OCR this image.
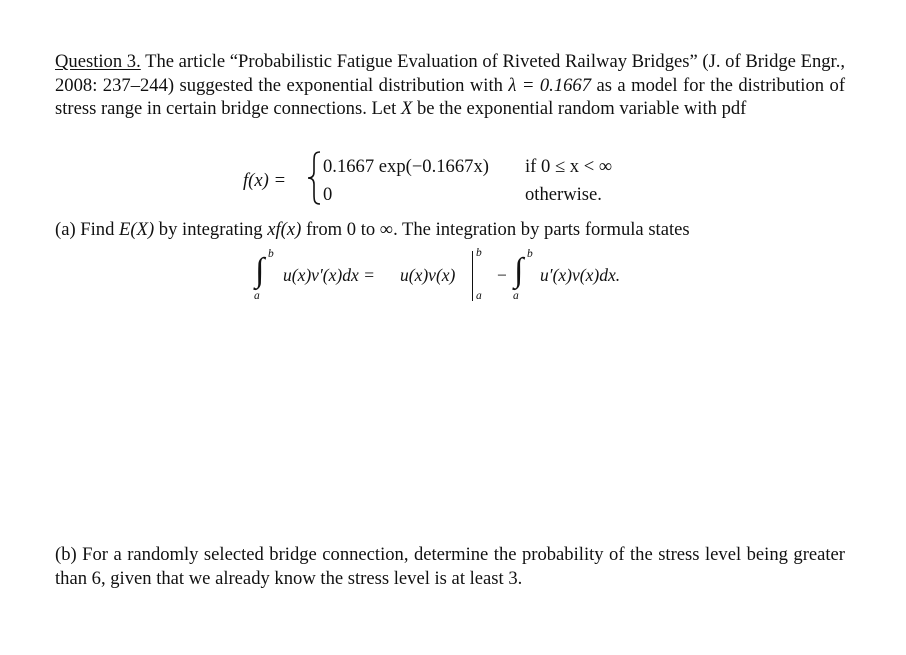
Question 3. The article “Probabilistic Fatigue Evaluation of Riveted Railway Bridges” (J. of Bridge Engr., 2008: 237–244) suggested the exponential distribution with λ = 0.1667 as a model for the distribution of stress range in certain bridge connections. Let X be the exponential random variable with pdf
f(x) =
0.1667 exp(−0.1667x) if 0 ≤ x < ∞
0	otherwise.
(a) Find E(X) by integrating xf(x) from 0 to ∞. The integration by parts formula states
∫ b
a
u(x)v′(x)dx = u(x)v(x)
b
a
− ∫ b
a
u′(x)v(x)dx.
(b) For a randomly selected bridge connection, determine the probability of the stress level being greater than 6, given that we already know the stress level is at least 3.
